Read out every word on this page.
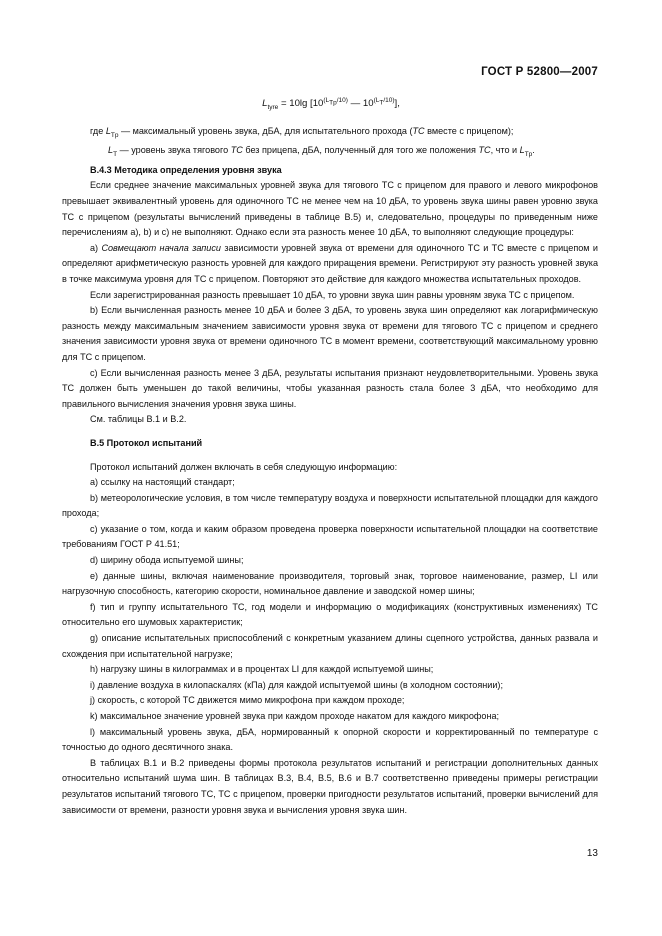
ГОСТ Р 52800—2007
$L_{tyre} = 10\lg$ [$10^{(L_{Tp}/10)}$ — $10^{(L_T/10)}$],

где $L_{Tp}$ — максимальный уровень звука, дБА, для испытательного прохода (ТС вместе с прицепом);

$L_T$ — уровень звука тягового ТС без прицепа, дБА, полученный для того же положения ТС, что и $L_{Tp}$.

В.4.3 Методика определения уровня звука

Если среднее значение максимальных уровней звука для тягового ТС с прицепом для правого и левого микрофонов превышает эквивалентный уровень для одиночного ТС не менее чем на 10 дБА, то уровень звука шины равен уровню звука ТС с прицепом (результаты вычислений приведены в таблице В.5) и, следовательно, процедуры по приведенным ниже перечислениям а), b) и c) не выполняют. Однако если эта разность менее 10 дБА, то выполняют следующие процедуры:

а) Совмещают начала записи зависимости уровней звука от времени для одиночного ТС и ТС вместе с прицепом и определяют арифметическую разность уровней для каждого приращения времени. Регистрируют эту разность уровней звука в точке максимума уровня для ТС с прицепом. Повторяют это действие для каждого множества испытательных проходов.

Если зарегистрированная разность превышает 10 дБА, то уровни звука шин равны уровням звука ТС с прицепом.

b) Если вычисленная разность менее 10 дБА и более 3 дБА, то уровень звука шин определяют как логарифмическую разность между максимальным значением зависимости уровня звука от времени для тягового ТС с прицепом и среднего значения зависимости уровня звука от времени одиночного ТС в момент времени, соответствующий максимальному уровню для ТС с прицепом.

с) Если вычисленная разность менее 3 дБА, результаты испытания признают неудовлетворительными. Уровень звука ТС должен быть уменьшен до такой величины, чтобы указанная разность стала более 3 дБА, что необходимо для правильного вычисления значения уровня звука шины.

См. таблицы В.1 и В.2.

В.5 Протокол испытаний

Протокол испытаний должен включать в себя следующую информацию:

а) ссылку на настоящий стандарт;

b) метеорологические условия, в том числе температуру воздуха и поверхности испытательной площадки для каждого прохода;

с) указание о том, когда и каким образом проведена проверка поверхности испытательной площадки на соответствие требованиям ГОСТ Р 41.51;

d) ширину обода испытуемой шины;

е) данные шины, включая наименование производителя, торговый знак, торговое наименование, размер, LI или нагрузочную способность, категорию скорости, номинальное давление и заводской номер шины;

f) тип и группу испытательного ТС, год модели и информацию о модификациях (конструктивных изменениях) ТС относительно его шумовых характеристик;

g) описание испытательных приспособлений с конкретным указанием длины сцепного устройства, данных развала и схождения при испытательной нагрузке;

h) нагрузку шины в килограммах и в процентах LI для каждой испытуемой шины;

i) давление воздуха в килопаскалях (кПа) для каждой испытуемой шины (в холодном состоянии);

j) скорость, с которой ТС движется мимо микрофона при каждом проходе;

k) максимальное значение уровней звука при каждом проходе накатом для каждого микрофона;

l) максимальный уровень звука, дБА, нормированный к опорной скорости и корректированный по температуре с точностью до одного десятичного знака.

В таблицах В.1 и В.2 приведены формы протокола результатов испытаний и регистрации дополнительных данных относительно испытаний шума шин. В таблицах В.3, В.4, В.5, В.6 и В.7 соответственно приведены примеры регистрации результатов испытаний тягового ТС, ТС с прицепом, проверки пригодности результатов испытаний, проверки вычислений для зависимости от времени, разности уровня звука и вычисления уровня звука шин.

13
